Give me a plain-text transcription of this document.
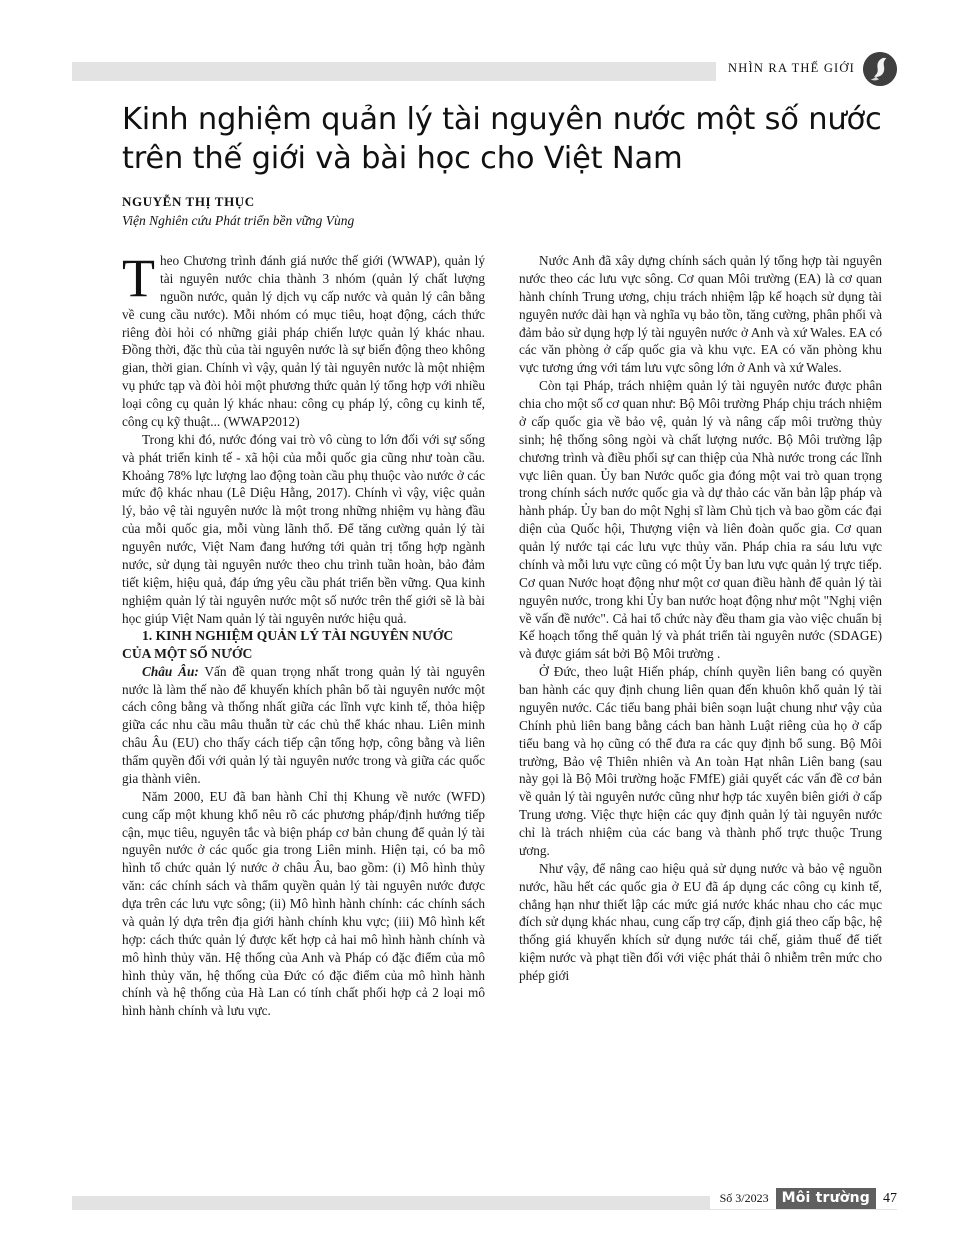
NHÌN RA THẾ GIỚI
Kinh nghiệm quản lý tài nguyên nước một số nước
trên thế giới và bài học cho Việt Nam
NGUYỄN THỊ THỤC
Viện Nghiên cứu Phát triển bền vững Vùng

Theo Chương trình đánh giá nước thế giới (WWAP), quản lý tài nguyên nước chia thành 3 nhóm (quản lý chất lượng nguồn nước, quản lý dịch vụ cấp nước và quản lý cân bằng về cung cầu nước). Mỗi nhóm có mục tiêu, hoạt động, cách thức riêng đòi hỏi có những giải pháp chiến lược quản lý khác nhau. Đồng thời, đặc thù của tài nguyên nước là sự biến động theo không gian, thời gian. Chính vì vậy, quản lý tài nguyên nước là một nhiệm vụ phức tạp và đòi hỏi một phương thức quản lý tổng hợp với nhiều loại công cụ quản lý khác nhau: công cụ pháp lý, công cụ kinh tế, công cụ kỹ thuật... (WWAP2012)

Trong khi đó, nước đóng vai trò vô cùng to lớn đối với sự sống và phát triển kinh tế - xã hội của mỗi quốc gia cũng như toàn cầu. Khoảng 78% lực lượng lao động toàn cầu phụ thuộc vào nước ở các mức độ khác nhau (Lê Diệu Hằng, 2017). Chính vì vậy, việc quản lý, bảo vệ tài nguyên nước là một trong những nhiệm vụ hàng đầu của mỗi quốc gia, mỗi vùng lãnh thổ. Để tăng cường quản lý tài nguyên nước, Việt Nam đang hướng tới quản trị tổng hợp ngành nước, sử dụng tài nguyên nước theo chu trình tuần hoàn, bảo đảm tiết kiệm, hiệu quả, đáp ứng yêu cầu phát triển bền vững. Qua kinh nghiệm quản lý tài nguyên nước một số nước trên thế giới sẽ là bài học giúp Việt Nam quản lý tài nguyên nước hiệu quả.

1. KINH NGHIỆM QUẢN LÝ TÀI NGUYÊN NƯỚC
CỦA MỘT SỐ NƯỚC

Châu Âu: Vấn đề quan trọng nhất trong quản lý tài nguyên nước là làm thế nào để khuyến khích phân bổ tài nguyên nước một cách công bằng và thống nhất giữa các lĩnh vực kinh tế, thỏa hiệp giữa các nhu cầu mâu thuẫn từ các chủ thể khác nhau. Liên minh châu Âu (EU) cho thấy cách tiếp cận tổng hợp, công bằng và liên thẩm quyền đối với quản lý tài nguyên nước trong và giữa các quốc gia thành viên.

Năm 2000, EU đã ban hành Chỉ thị Khung về nước (WFD) cung cấp một khung khổ nêu rõ các phương pháp/định hướng tiếp cận, mục tiêu, nguyên tắc và biện pháp cơ bản chung để quản lý tài nguyên nước ở các quốc gia trong Liên minh. Hiện tại, có ba mô hình tổ chức quản lý nước ở châu Âu, bao gồm: (i) Mô hình thủy văn: các chính sách và thẩm quyền quản lý tài nguyên nước được dựa trên các lưu vực sông; (ii) Mô hình hành chính: các chính sách và quản lý dựa trên địa giới hành chính khu vực; (iii) Mô hình kết hợp: cách thức quản lý được kết hợp cả hai mô hình hành chính và mô hình thủy văn. Hệ thống của Anh và Pháp có đặc điểm của mô hình thủy văn, hệ thống của Đức có đặc điểm của mô hình hành chính và hệ thống của Hà Lan có tính chất phối hợp cả 2 loại mô hình hành chính và lưu vực.

Nước Anh đã xây dựng chính sách quản lý tổng hợp tài nguyên nước theo các lưu vực sông. Cơ quan Môi trường (EA) là cơ quan hành chính Trung ương, chịu trách nhiệm lập kế hoạch sử dụng tài nguyên nước dài hạn và nghĩa vụ bảo tồn, tăng cường, phân phối và đảm bảo sử dụng hợp lý tài nguyên nước ở Anh và xứ Wales. EA có các văn phòng ở cấp quốc gia và khu vực. EA có văn phòng khu vực tương ứng với tám lưu vực sông lớn ở Anh và xứ Wales.

Còn tại Pháp, trách nhiệm quản lý tài nguyên nước được phân chia cho một số cơ quan như: Bộ Môi trường Pháp chịu trách nhiệm ở cấp quốc gia về bảo vệ, quản lý và nâng cấp môi trường thủy sinh; hệ thống sông ngòi và chất lượng nước. Bộ Môi trường lập chương trình và điều phối sự can thiệp của Nhà nước trong các lĩnh vực liên quan. Ủy ban Nước quốc gia đóng một vai trò quan trọng trong chính sách nước quốc gia và dự thảo các văn bản lập pháp và hành pháp. Ủy ban do một Nghị sĩ làm Chủ tịch và bao gồm các đại diện của Quốc hội, Thượng viện và liên đoàn quốc gia. Cơ quan quản lý nước tại các lưu vực thủy văn. Pháp chia ra sáu lưu vực chính và mỗi lưu vực cũng có một Ủy ban lưu vực quản lý trực tiếp. Cơ quan Nước hoạt động như một cơ quan điều hành để quản lý tài nguyên nước, trong khi Ủy ban nước hoạt động như một "Nghị viện về vấn đề nước". Cả hai tổ chức này đều tham gia vào việc chuẩn bị Kế hoạch tổng thể quản lý và phát triển tài nguyên nước (SDAGE) và được giám sát bởi Bộ Môi trường .

Ở Đức, theo luật Hiến pháp, chính quyền liên bang có quyền ban hành các quy định chung liên quan đến khuôn khổ quản lý tài nguyên nước. Các tiểu bang phải biên soạn luật chung như vậy của Chính phủ liên bang bằng cách ban hành Luật riêng của họ ở cấp tiểu bang và họ cũng có thể đưa ra các quy định bổ sung. Bộ Môi trường, Bảo vệ Thiên nhiên và An toàn Hạt nhân Liên bang (sau này gọi là Bộ Môi trường hoặc FMfE) giải quyết các vấn đề cơ bản về quản lý tài nguyên nước cũng như hợp tác xuyên biên giới ở cấp Trung ương. Việc thực hiện các quy định quản lý tài nguyên nước chỉ là trách nhiệm của các bang và thành phố trực thuộc Trung ương.

Như vậy, để nâng cao hiệu quả sử dụng nước và bảo vệ nguồn nước, hầu hết các quốc gia ở EU đã áp dụng các công cụ kinh tế, chẳng hạn như thiết lập các mức giá nước khác nhau cho các mục đích sử dụng khác nhau, cung cấp trợ cấp, định giá theo cấp bậc, hệ thống giá khuyến khích sử dụng nước tái chế, giảm thuế để tiết kiệm nước và phạt tiền đối với việc phát thải ô nhiễm trên mức cho phép giới

Số 3/2023 Môi trường 47
